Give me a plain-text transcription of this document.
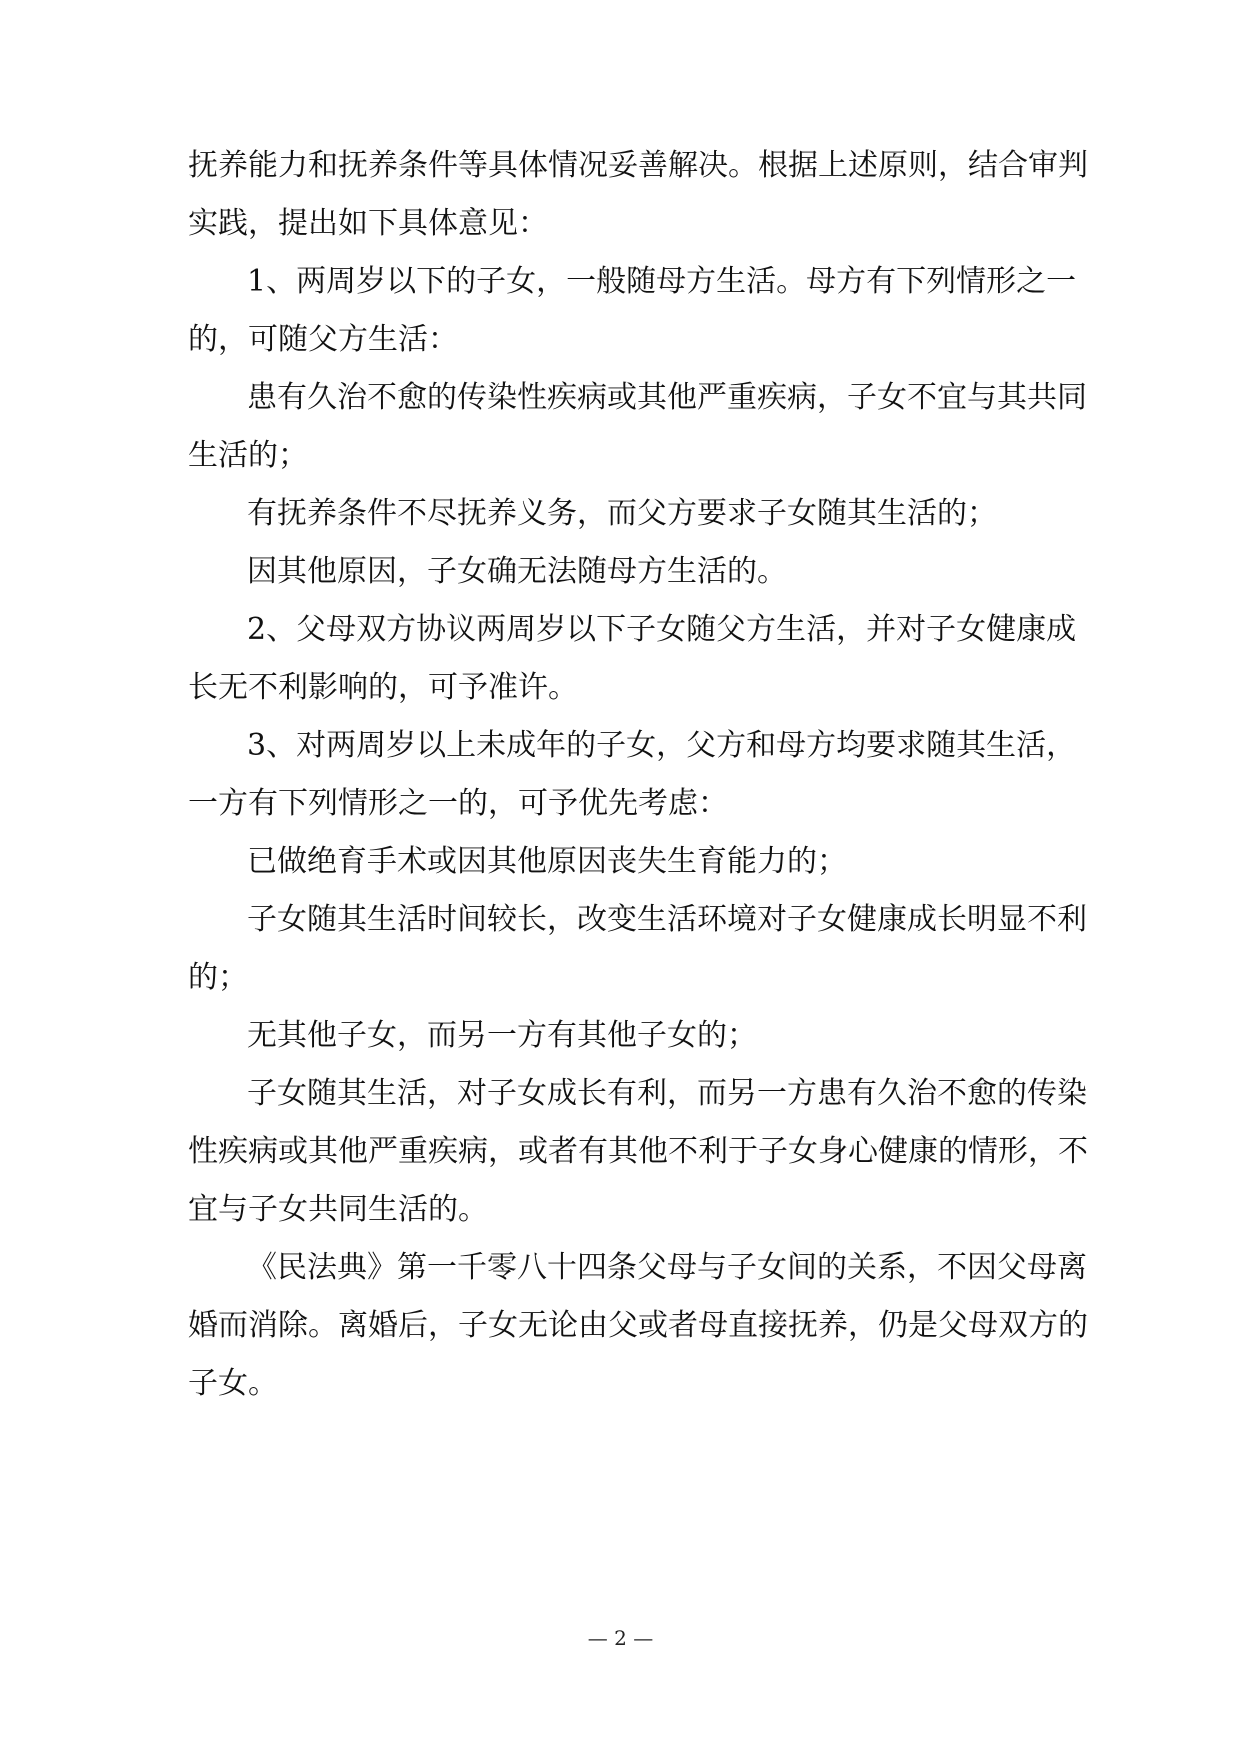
抚养能力和抚养条件等具体情况妥善解决。根据上述原则，结合审判
实践，提出如下具体意见：
1、两周岁以下的子女，一般随母方生活。母方有下列情形之一
的，可随父方生活：
患有久治不愈的传染性疾病或其他严重疾病，子女不宜与其共同
生活的；
有抚养条件不尽抚养义务，而父方要求子女随其生活的；
因其他原因，子女确无法随母方生活的。
2、父母双方协议两周岁以下子女随父方生活，并对子女健康成
长无不利影响的，可予准许。
3、对两周岁以上未成年的子女，父方和母方均要求随其生活，
一方有下列情形之一的，可予优先考虑：
已做绝育手术或因其他原因丧失生育能力的；
子女随其生活时间较长，改变生活环境对子女健康成长明显不利
的；
无其他子女，而另一方有其他子女的；
子女随其生活，对子女成长有利，而另一方患有久治不愈的传染
性疾病或其他严重疾病，或者有其他不利于子女身心健康的情形，不
宜与子女共同生活的。
《民法典》第一千零八十四条父母与子女间的关系，不因父母离
婚而消除。离婚后，子女无论由父或者母直接抚养，仍是父母双方的
子女。
— 2 —
